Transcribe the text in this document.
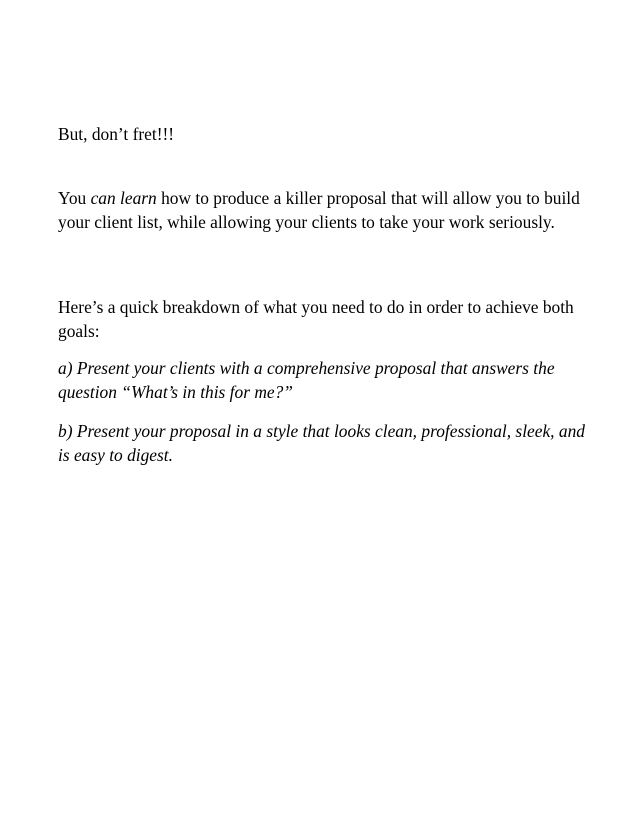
But, don’t fret!!!

You can learn how to produce a killer proposal that will allow you to build your client list, while allowing your clients to take your work seriously.

Here’s a quick breakdown of what you need to do in order to achieve both goals:

a) Present your clients with a comprehensive proposal that answers the question “What’s in this for me?”

b) Present your proposal in a style that looks clean, professional, sleek, and is easy to digest.
